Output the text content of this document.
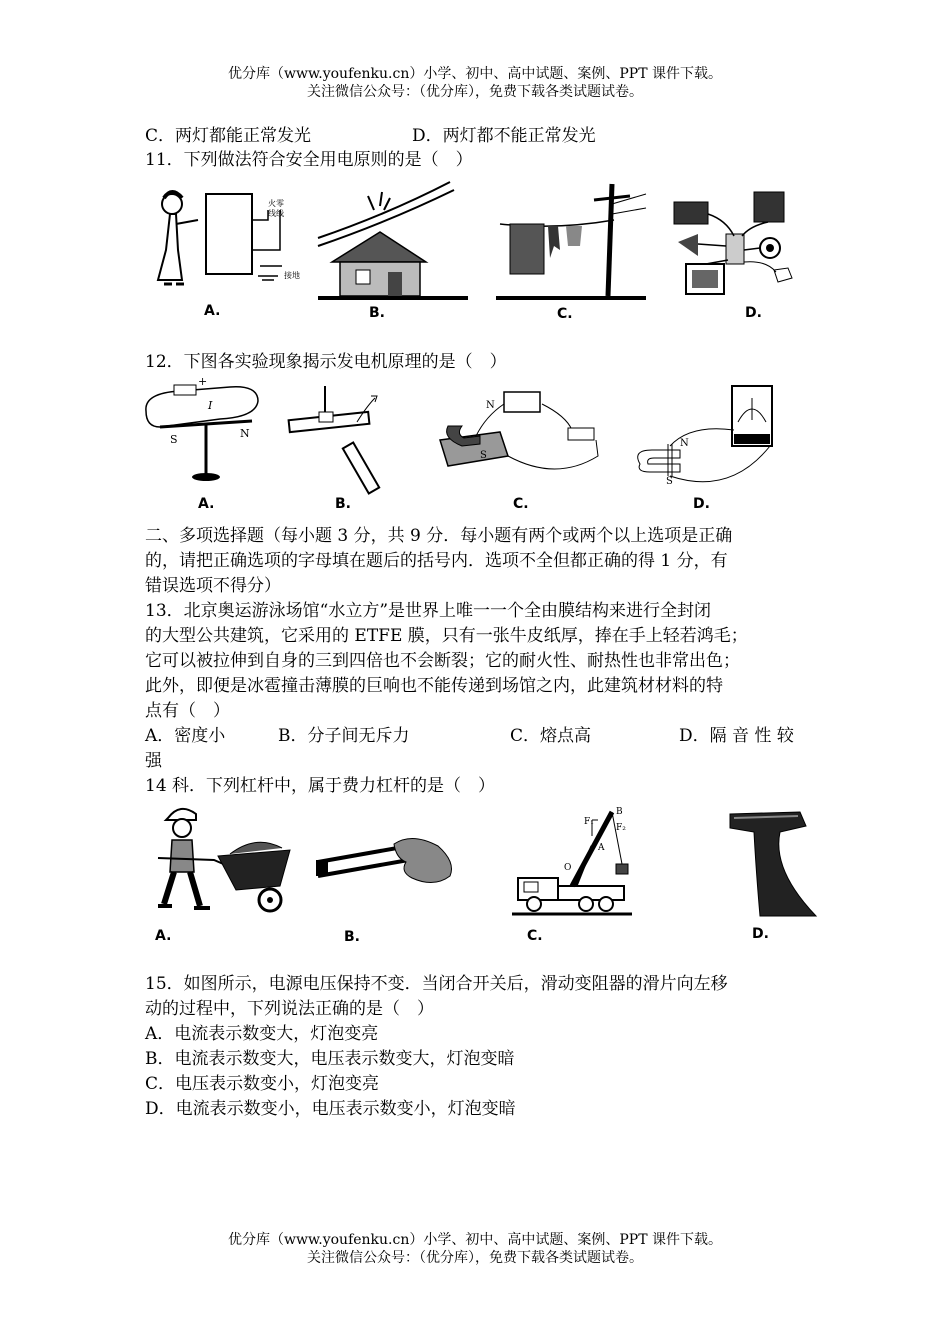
优分库（www.youfenku.cn）小学、初中、高中试题、案例、PPT 课件下载。
关注微信公众号：（优分库），免费下载各类试题试卷。
C．两灯都能正常发光	D．两灯都不能正常发光
11．下列做法符合安全用电原则的是（　）
火零
线线
接地
A.	B.	C.	D.
12．下图各实验现象揭示发电机原理的是（　）
+
I
S	N
N
S
N
S
A.	B.	C.	D.
二、多项选择题（每小题 3 分，共 9 分．每小题有两个或两个以上选项是正确
的，请把正确选项的字母填在题后的括号内．选项不全但都正确的得 1 分，有
错误选项不得分）
13．北京奥运游泳场馆“水立方”是世界上唯一一个全由膜结构来进行全封闭
的大型公共建筑，它采用的 ETFE 膜，只有一张牛皮纸厚，捧在手上轻若鸿毛；
它可以被拉伸到自身的三到四倍也不会断裂；它的耐火性、耐热性也非常出色；
此外，即便是冰雹撞击薄膜的巨响也不能传递到场馆之内，此建筑材材料的特
点有（　）
A．密度小	B．分子间无斥力	C．熔点高	D．隔 音 性 较
强
14 科．下列杠杆中，属于费力杠杆的是（　）
F₁
B
F₂
A
O
A.	B.	C.	D.
15．如图所示，电源电压保持不变．当闭合开关后，滑动变阻器的滑片向左移
动的过程中，下列说法正确的是（　）
A．电流表示数变大，灯泡变亮
B．电流表示数变大，电压表示数变大，灯泡变暗
C．电压表示数变小，灯泡变亮
D．电流表示数变小，电压表示数变小，灯泡变暗
优分库（www.youfenku.cn）小学、初中、高中试题、案例、PPT 课件下载。
关注微信公众号：（优分库），免费下载各类试题试卷。
